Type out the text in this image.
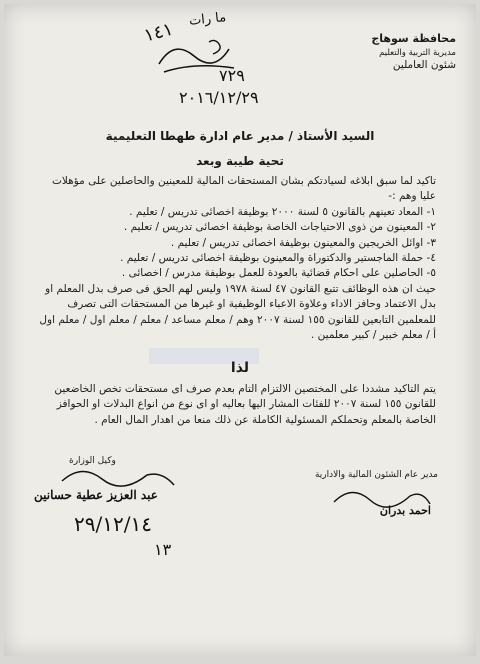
ما رات
١٤١
٧٢٩
٢٠١٦/١٢/٢٩
محافظة سوهاج
مديرية التربية والتعليم
شئون العاملين
السيد الأستاذ / مدير عام ادارة طهطا التعليمية
تحية طيبة وبعد

تاكيد لما سبق ابلاغه لسيادتكم بشان المستحقات المالية للمعينين والحاصلين على مؤهلات عليا وهم :-

١- المعاد تعينهم بالقانون ٥ لسنة ٢٠٠٠ بوظيفة اخصائى تدريس / تعليم .

٢- المعينون من ذوى الاحتياجات الخاصة بوظيفة اخصائى تدريس / تعليم .

٣- اوائل الخريجين والمعينون بوظيفة اخصائى تدريس / تعليم .

٤- حملة الماجستير والدكتوراة والمعينون بوظيفة اخصائى تدريس / تعليم .

٥- الحاصلين على احكام قضائية بالعودة للعمل بوظيفة مدرس / اخصائى .

حيث ان هذه الوظائف تتبع القانون ٤٧ لسنة ١٩٧٨ وليس لهم الحق فى صرف بدل المعلم او بدل الاعتماد وحافز الاداء وعلاوة الاعباء الوظيفية او غيرها من المستحقات التى تصرف للمعلمين التابعين للقانون ١٥٥ لسنة ٢٠٠٧ وهم / معلم مساعد / معلم / معلم اول / معلم اول أ / معلم خبير / كبير معلمين .

لذا
يتم التاكيد مشددا على المختصين الالتزام التام بعدم صرف اى مستحقات تخص الخاضعين للقانون ١٥٥ لسنة ٢٠٠٧ للفئات المشار اليها بعاليه او اى نوع من انواع البدلات او الحوافز الخاصة بالمعلم وتحملكم المسئولية الكاملة عن ذلك منعا من اهدار المال العام .
وكيل الوزارة
مدير عام الشئون المالية والادارية
عبد العزيز عطية حسانين
احمد بدران
٢٩/١٢/١٤
١٣
